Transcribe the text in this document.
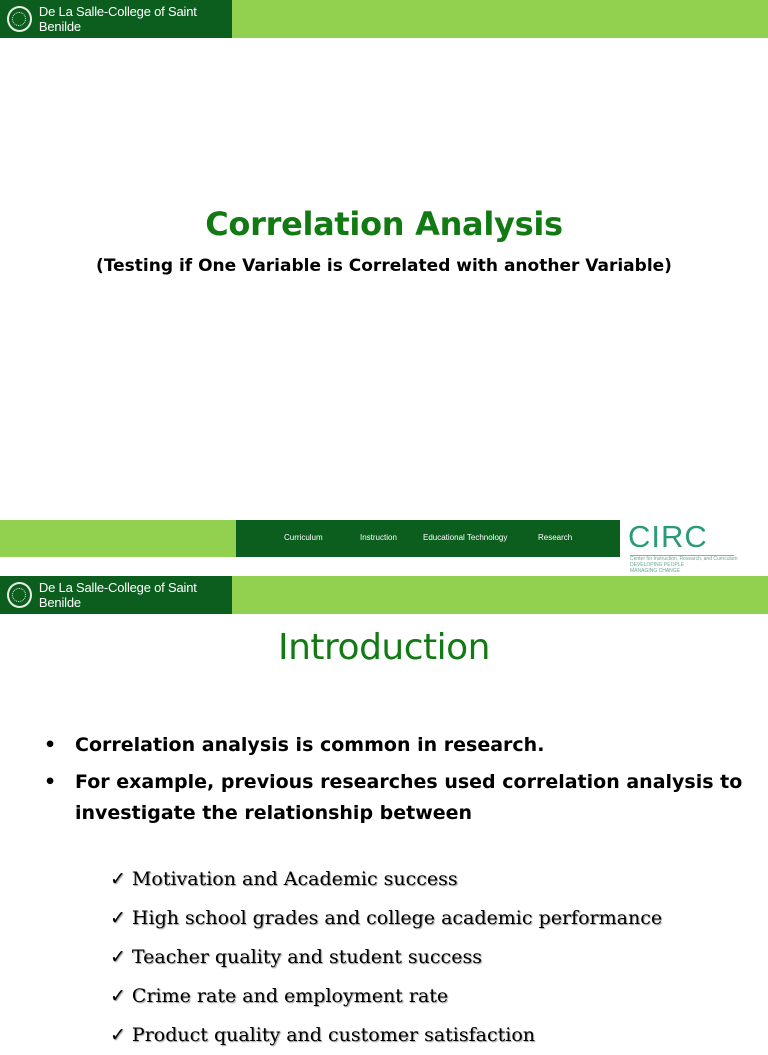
De La Salle-College of Saint Benilde
Correlation Analysis
(Testing if One Variable is Correlated with another Variable)
Curriculum	Instruction	Educational Technology	Research CIRC
Center for Instruction, Research, and Curriculum
DEVELOPING PEOPLE
MANAGING CHANGE
De La Salle-College of Saint Benilde
Introduction
• Correlation analysis is common in research.
• For example, previous researches used correlation analysis to investigate the relationship between
✓ Motivation and Academic success
✓ High school grades and college academic performance
✓ Teacher quality and student success
✓ Crime rate and employment rate
✓ Product quality and customer satisfaction
